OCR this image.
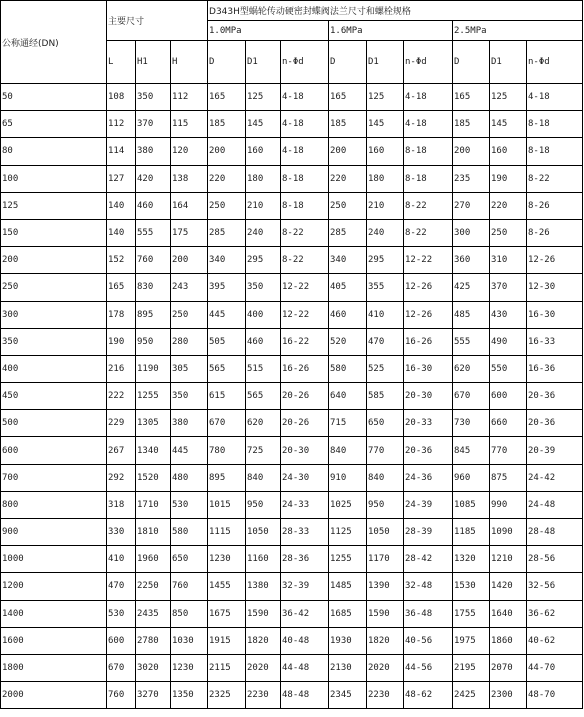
公称通经(DN)	主要尺寸			D343H型蜗轮传动硬密封蝶阀法兰尺寸和螺栓规格								
				1.0MPa			1.6MPa			2.5MPa		
	L	H1	H	D	D1	n-Φd	D	D1	n-Φd	D	D1	n-Φd
50	108	350	112	165	125	4-18	165	125	4-18	165	125	4-18
65	112	370	115	185	145	4-18	185	145	4-18	185	145	8-18
80	114	380	120	200	160	4-18	200	160	8-18	200	160	8-18
100	127	420	138	220	180	8-18	220	180	8-18	235	190	8-22
125	140	460	164	250	210	8-18	250	210	8-22	270	220	8-26
150	140	555	175	285	240	8-22	285	240	8-22	300	250	8-26
200	152	760	200	340	295	8-22	340	295	12-22	360	310	12-26
250	165	830	243	395	350	12-22	405	355	12-26	425	370	12-30
300	178	895	250	445	400	12-22	460	410	12-26	485	430	16-30
350	190	950	280	505	460	16-22	520	470	16-26	555	490	16-33
400	216	1190	305	565	515	16-26	580	525	16-30	620	550	16-36
450	222	1255	350	615	565	20-26	640	585	20-30	670	600	20-36
500	229	1305	380	670	620	20-26	715	650	20-33	730	660	20-36
600	267	1340	445	780	725	20-30	840	770	20-36	845	770	20-39
700	292	1520	480	895	840	24-30	910	840	24-36	960	875	24-42
800	318	1710	530	1015	950	24-33	1025	950	24-39	1085	990	24-48
900	330	1810	580	1115	1050	28-33	1125	1050	28-39	1185	1090	28-48
1000	410	1960	650	1230	1160	28-36	1255	1170	28-42	1320	1210	28-56
1200	470	2250	760	1455	1380	32-39	1485	1390	32-48	1530	1420	32-56
1400	530	2435	850	1675	1590	36-42	1685	1590	36-48	1755	1640	36-62
1600	600	2780	1030	1915	1820	40-48	1930	1820	40-56	1975	1860	40-62
1800	670	3020	1230	2115	2020	44-48	2130	2020	44-56	2195	2070	44-70
2000	760	3270	1350	2325	2230	48-48	2345	2230	48-62	2425	2300	48-70
